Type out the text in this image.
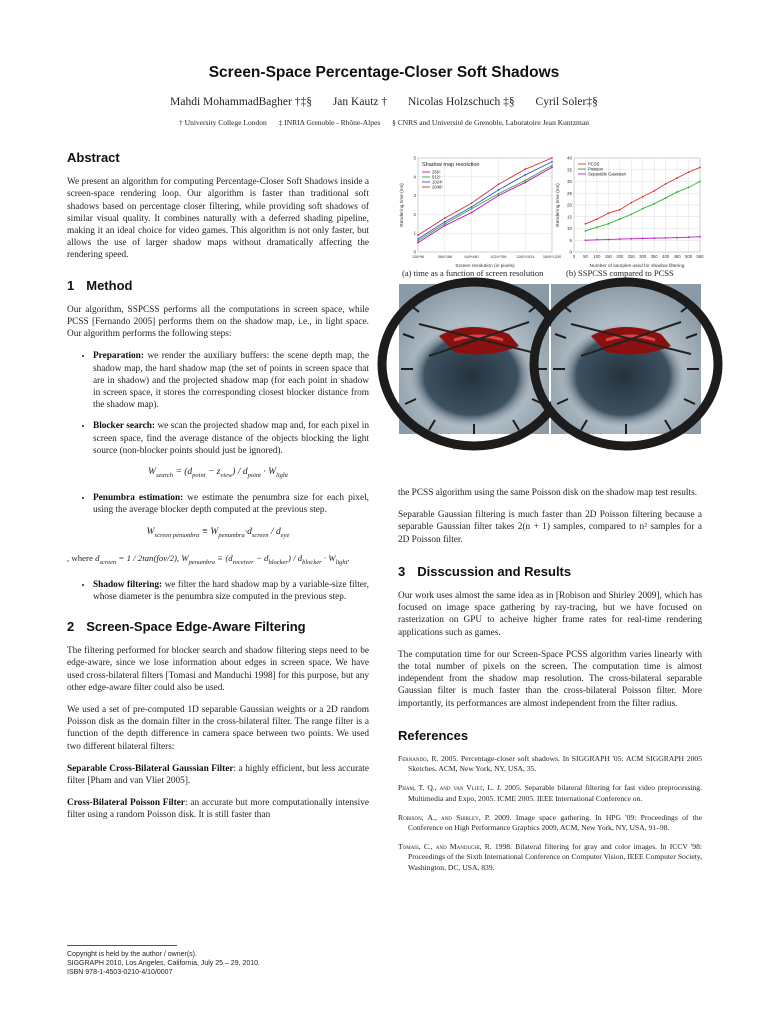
Screen-Space Percentage-Closer Soft Shadows
Mahdi MohammadBagher †‡§ Jan Kautz † Nicolas Holzschuch ‡§ Cyril Soler‡§
† University College London ‡ INRIA Grenoble - Rhône-Alpes § CNRS and Université de Grenoble, Laboratoire Jean Kuntzman
Abstract

We present an algorithm for computing Percentage-Closer Soft Shadows inside a screen-space rendering loop. Our algorithm is faster than traditional soft shadows based on percentage closer filtering, while providing soft shadows of similar visual quality. It combines naturally with a deferred shading pipeline, making it an ideal choice for video games. This algorithm is not only faster, but allows the use of larger shadow maps without dramatically affecting the rendering speed.

1 Method

Our algorithm, SSPCSS performs all the computations in screen space, while PCSS [Fernando 2005] performs them on the shadow map, i.e., in light space. Our algorithm performs the following steps:

• Preparation: we render the auxiliary buffers: the scene depth map, the shadow map, the hard shadow map (the set of points in screen space that are in shadow) and the projected shadow map (for each point in shadow in screen space, it stores the corresponding closest blocker distance from the shadow map).
• Blocker search: we scan the projected shadow map and, for each pixel in screen space, find the average distance of the objects blocking the light source (non-blocker points should just be ignored).
$W_{search} = (d_{point} - z_{view}) / d_{point} \cdot W_{light}$
• Penumbra estimation: we estimate the penumbra size for each pixel, using the average blocker depth computed at the previous step.
$W_{screen penumbra} \equiv W_{penumbra}\cdot d_{screen} / d_{eye}$
, where $d_{screen} = 1 / 2\tan(fov/2)$, $W_{penumbra} \equiv (d_{receiver} - d_{blocker}) / d_{blocker} \cdot W_{light}$.
• Shadow filtering: we filter the hard shadow map by a variable-size filter, whose diameter is the penumbra size computed in the previous step.
2 Screen-Space Edge-Aware Filtering

The filtering performed for blocker search and shadow filtering steps need to be edge-aware, since we lose information about edges in screen space. We have used cross-bilateral filters [Tomasi and Manduchi 1998] for this purpose, but any other edge-aware filter could also be used.

We used a set of pre-computed 1D separable Gaussian weights or a 2D random Poisson disk as the domain filter in the cross-bilateral filter. The range filter is a function of the depth difference in camera space between two points. We used two different bilateral filters:

Separable Cross-Bilateral Gaussian Filter: a highly efficient, but less accurate filter [Pham and van Vliet 2005].

Cross-Bilateral Poisson Filter: an accurate but more computationally intensive filter using a random Poisson disk. It is still faster than

Copyright is held by the author / owner(s).
SIGGRAPH 2010, Los Angeles, California, July 25 – 29, 2010.
ISBN 978-1-4503-0210-4/10/0007
0
1
2
3
4
5
128*96	384*288	640*480	1024*768 1280*1024 1600*1200
Screen resolution (in pixels)
Rendering time (ms)
Shadow map resolution
256²
512²
1024²
2048²
0
5
10
15
20
25
30
35
40
0 50 100 150 200 250 300 350 400 450 500 550
Number of samples used for shadow filtering
Rendering time (ms)
PCSS
Poisson
Separable Gaussian
(a) time as a function of screen resolution	(b) SSPCSS compared to PCSS
(c) SSPCSS	(d) PCSS

the PCSS algorithm using the same Poisson disk on the shadow map test results.

Separable Gaussian filtering is much faster than 2D Poisson filtering because a separable Gaussian filter takes 2(n + 1) samples, compared to n² samples for a 2D Poisson filter.

3 Disscussion and Results

Our work uses almost the same idea as in [Robison and Shirley 2009], which has focused on image space gathering by ray-tracing, but we have focused on rasterization on GPU to acheive higher frame rates for real-time rendering applications such as games.

The computation time for our Screen-Space PCSS algorithm varies linearly with the total number of pixels on the screen. The computation time is almost independent from the shadow map resolution. The cross-bilateral separable Gaussian filter is much faster than the cross-bilateral Poisson filter. More importantly, its performances are almost independent from the filter radius.

References

Fernando, R. 2005. Percentage-closer soft shadows. In SIGGRAPH '05: ACM SIGGRAPH 2005 Sketches, ACM, New York, NY, USA, 35.

Pham, T. Q., and van Vliet, L. J. 2005. Separable bilateral filtering for fast video preprocessing. Multimedia and Expo, 2005. ICME 2005. IEEE International Conference on.

Robison, A., and Shirley, P. 2009. Image space gathering. In HPG '09: Proceedings of the Conference on High Performance Graphics 2009, ACM, New York, NY, USA, 91–98.

Tomasi, C., and Manduchi, R. 1998. Bilateral filtering for gray and color images. In ICCV '98: Proceedings of the Sixth International Conference on Computer Vision, IEEE Computer Society, Washington, DC, USA, 839.
